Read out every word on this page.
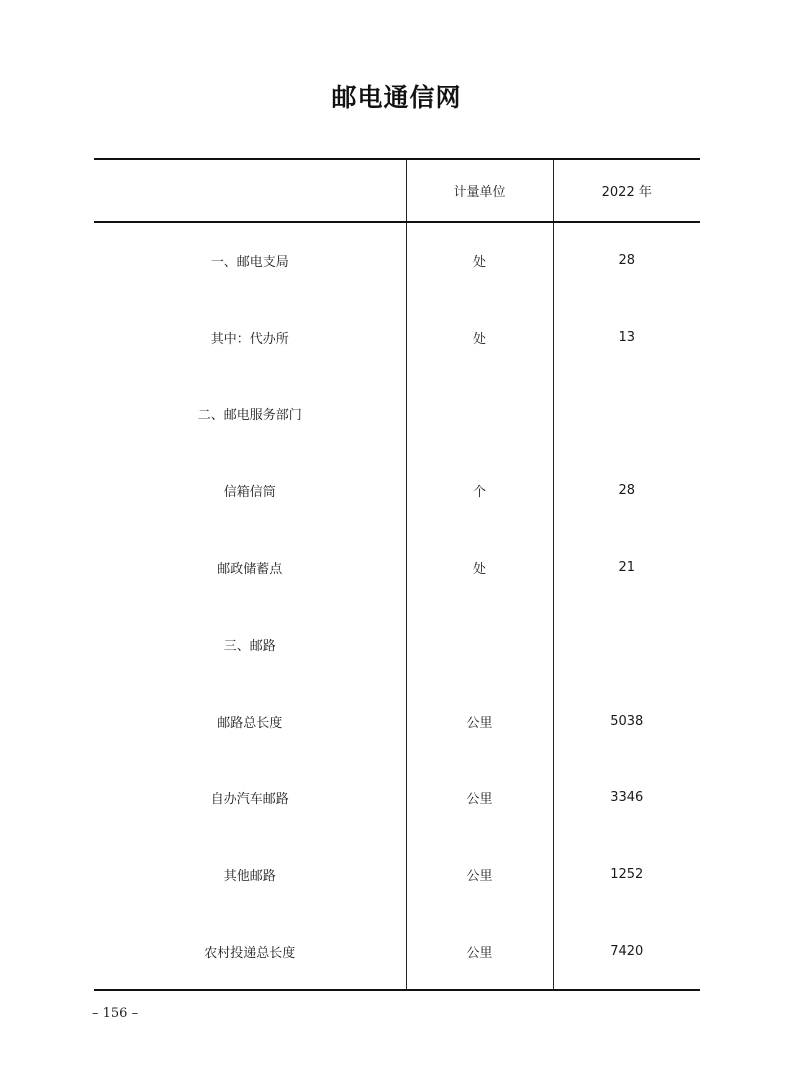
邮电通信网
	计量单位	2022 年
一、邮电支局	处	28
其中：代办所	处	13
二、邮电服务部门		
信箱信筒	个	28
邮政储蓄点	处	21
三、邮路		
邮路总长度	公里	5038
自办汽车邮路	公里	3346
其他邮路	公里	1252
农村投递总长度	公里	7420
– 156 –
